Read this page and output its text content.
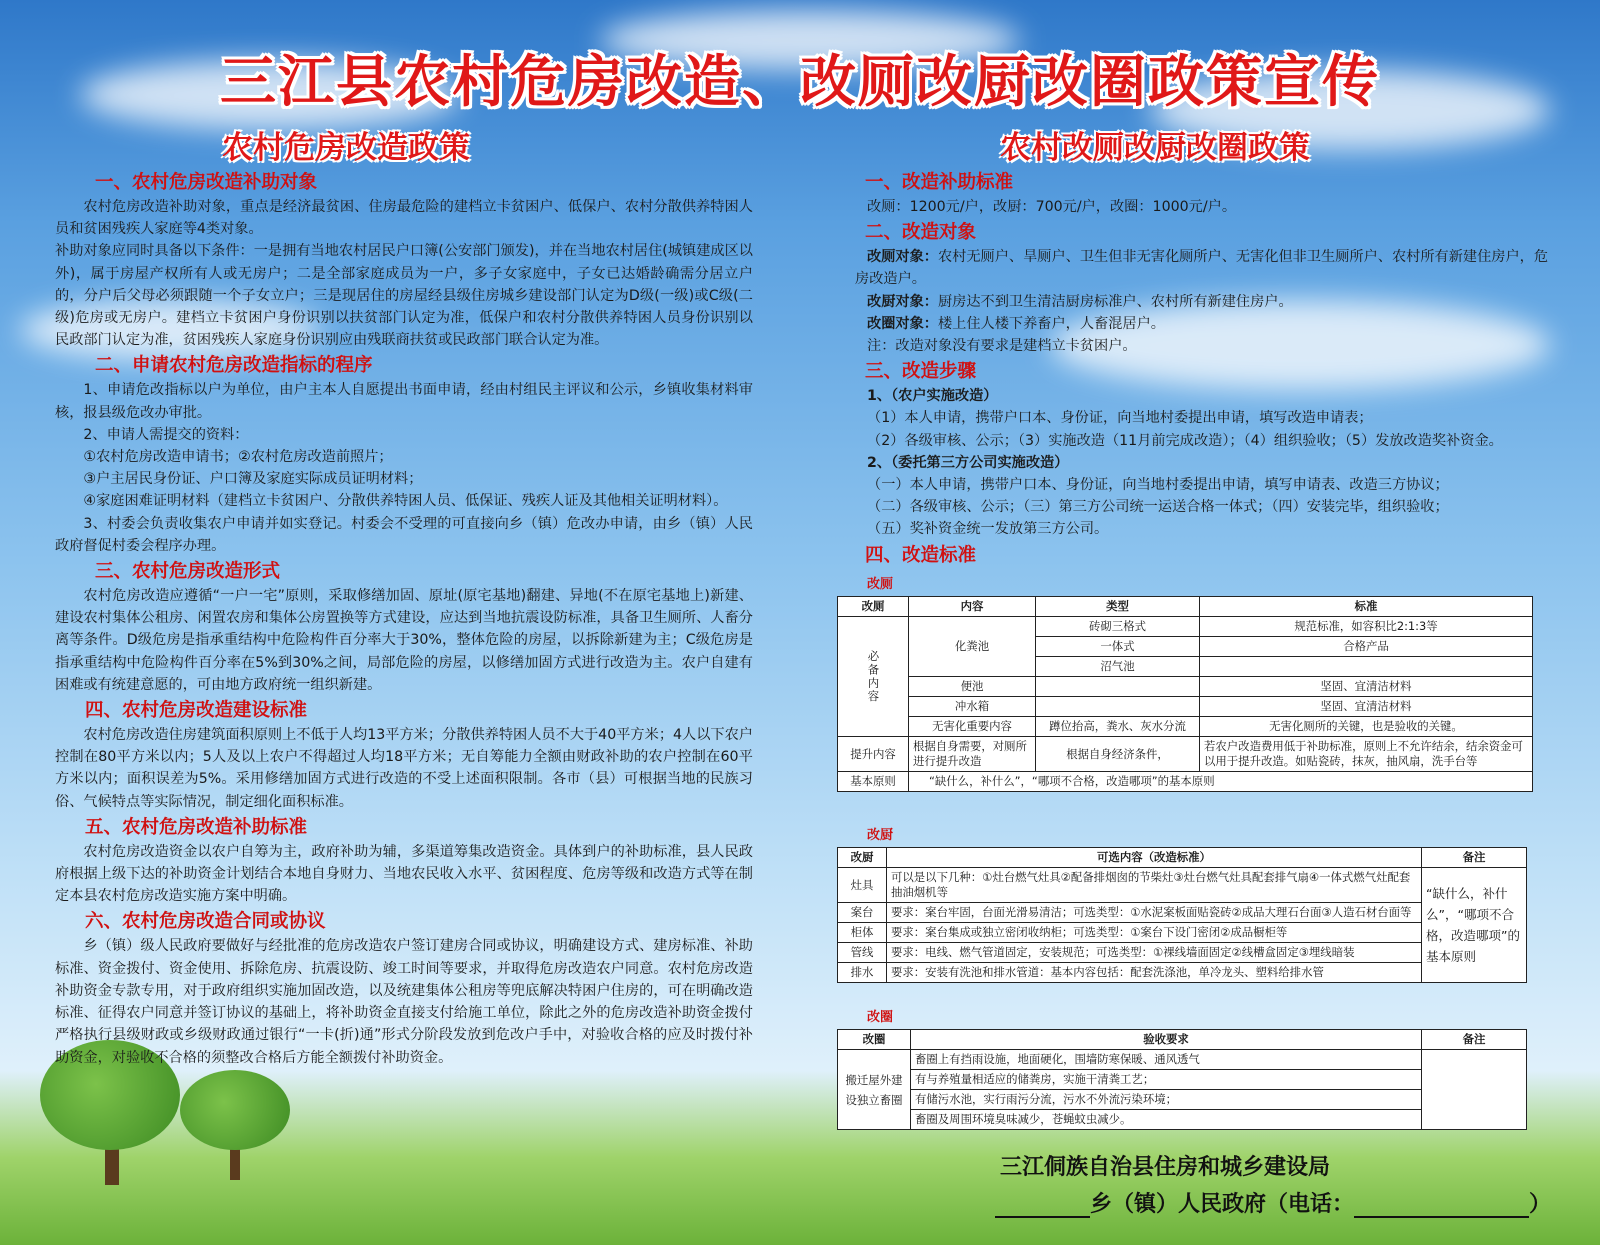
三江县农村危房改造、改厕改厨改圈政策宣传
农村危房改造政策	农村改厕改厨改圈政策
一、农村危房改造补助对象
农村危房改造补助对象，重点是经济最贫困、住房最危险的建档立卡贫困户、低保户、农村分散供养特困人员和贫困残疾人家庭等4类对象。
补助对象应同时具备以下条件：一是拥有当地农村居民户口簿(公安部门颁发)，并在当地农村居住(城镇建成区以外)，属于房屋产权所有人或无房户；二是全部家庭成员为一户，多子女家庭中，子女已达婚龄确需分居立户的，分户后父母必须跟随一个子女立户；三是现居住的房屋经县级住房城乡建设部门认定为D级(一级)或C级(二级)危房或无房户。建档立卡贫困户身份识别以扶贫部门认定为准，低保户和农村分散供养特困人员身份识别以民政部门认定为准，贫困残疾人家庭身份识别应由残联商扶贫或民政部门联合认定为准。
二、申请农村危房改造指标的程序
1、申请危改指标以户为单位，由户主本人自愿提出书面申请，经由村组民主评议和公示，乡镇收集材料审核，报县级危改办审批。
2、申请人需提交的资料：
①农村危房改造申请书；②农村危房改造前照片；
③户主居民身份证、户口簿及家庭实际成员证明材料；
④家庭困难证明材料（建档立卡贫困户、分散供养特困人员、低保证、残疾人证及其他相关证明材料）。
3、村委会负责收集农户申请并如实登记。村委会不受理的可直接向乡（镇）危改办申请，由乡（镇）人民政府督促村委会程序办理。
三、农村危房改造形式
农村危房改造应遵循“一户一宅”原则，采取修缮加固、原址(原宅基地)翻建、异地(不在原宅基地上)新建、建设农村集体公租房、闲置农房和集体公房置换等方式建设，应达到当地抗震设防标准，具备卫生厕所、人畜分离等条件。D级危房是指承重结构中危险构件百分率大于30%，整体危险的房屋，以拆除新建为主；C级危房是指承重结构中危险构件百分率在5%到30%之间，局部危险的房屋，以修缮加固方式进行改造为主。农户自建有困难或有统建意愿的，可由地方政府统一组织新建。
四、农村危房改造建设标准
农村危房改造住房建筑面积原则上不低于人均13平方米；分散供养特困人员不大于40平方米；4人以下农户控制在80平方米以内；5人及以上农户不得超过人均18平方米；无自筹能力全额由财政补助的农户控制在60平方米以内；面积误差为5%。采用修缮加固方式进行改造的不受上述面积限制。各市（县）可根据当地的民族习俗、气候特点等实际情况，制定细化面积标准。
五、农村危房改造补助标准
农村危房改造资金以农户自筹为主，政府补助为辅，多渠道筹集改造资金。具体到户的补助标准，县人民政府根据上级下达的补助资金计划结合本地自身财力、当地农民收入水平、贫困程度、危房等级和改造方式等在制定本县农村危房改造实施方案中明确。
六、农村危房改造合同或协议
乡（镇）级人民政府要做好与经批准的危房改造农户签订建房合同或协议，明确建设方式、建房标准、补助标准、资金拨付、资金使用、拆除危房、抗震设防、竣工时间等要求，并取得危房改造农户同意。农村危房改造补助资金专款专用，对于政府组织实施加固改造，以及统建集体公租房等兜底解决特困户住房的，可在明确改造标准、征得农户同意并签订协议的基础上，将补助资金直接支付给施工单位，除此之外的危房改造补助资金拨付严格执行县级财政或乡级财政通过银行“一卡(折)通”形式分阶段发放到危改户手中，对验收合格的应及时拨付补助资金，对验收不合格的须整改合格后方能全额拨付补助资金。
一、改造补助标准
改厕：1200元/户，改厨：700元/户，改圈：1000元/户。
二、改造对象
改厕对象：农村无厕户、旱厕户、卫生但非无害化厕所户、无害化但非卫生厕所户、农村所有新建住房户，危房改造户。
改厨对象：厨房达不到卫生清洁厨房标准户、农村所有新建住房户。
改圈对象：楼上住人楼下养畜户，人畜混居户。
注：改造对象没有要求是建档立卡贫困户。
三、改造步骤
1、（农户实施改造）
（1）本人申请，携带户口本、身份证，向当地村委提出申请，填写改造申请表；
（2）各级审核、公示；（3）实施改造（11月前完成改造）；（4）组织验收；（5）发放改造奖补资金。
2、（委托第三方公司实施改造）
（一）本人申请，携带户口本、身份证，向当地村委提出申请，填写申请表、改造三方协议；
（二）各级审核、公示；（三）第三方公司统一运送合格一体式；（四）安装完毕，组织验收；
（五）奖补资金统一发放第三方公司。
四、改造标准
改厕
改厕	内容	类型	标准
必备内容	化粪池	砖砌三格式	规范标准，如容积比2:1:3等
		一体式	合格产品
		沼气池	
	便池		坚固、宜清洁材料
	冲水箱		坚固、宜清洁材料
	无害化重要内容	蹲位抬高，粪水、灰水分流	无害化厕所的关键，也是验收的关键。
提升内容	根据自身需要，对厕所进行提升改造	根据自身经济条件，	若农户改造费用低于补助标准，原则上不允许结余，结余资金可以用于提升改造。如贴瓷砖，抹灰，抽风扇，洗手台等
基本原则	“缺什么，补什么”，“哪项不合格，改造哪项”的基本原则		
改厨
改厨	可选内容（改造标准）	备注
灶具	可以是以下几种：①灶台燃气灶具②配备排烟囱的节柴灶③灶台燃气灶具配套排气扇④一体式燃气灶配套抽油烟机等	“缺什么，补什么”，“哪项不合格，改造哪项”的基本原则
案台	要求：案台牢固，台面光滑易清洁；可选类型：①水泥案板面贴瓷砖②成品大理石台面③人造石材台面等	
柜体	要求：案台集成或独立密闭收纳柜；可选类型：①案台下设门密闭②成品橱柜等	
管线	要求：电线、燃气管道固定，安装规范；可选类型：①裸线墙面固定②线槽盒固定③埋线暗装	
排水	要求：安装有洗池和排水管道：基本内容包括：配套洗涤池，单冷龙头、塑料给排水管	
改圈
改圈	验收要求	备注
搬迁屋外建设独立畜圈	畜圈上有挡雨设施，地面硬化，围墙防寒保暖、通风透气	
	有与养殖量相适应的储粪房，实施干清粪工艺；	
	有储污水池，实行雨污分流，污水不外流污染环境；	
	畜圈及周围环境臭味减少，苍蝇蚊虫减少。	
三江侗族自治县住房和城乡建设局
乡（镇）人民政府（电话：	）
